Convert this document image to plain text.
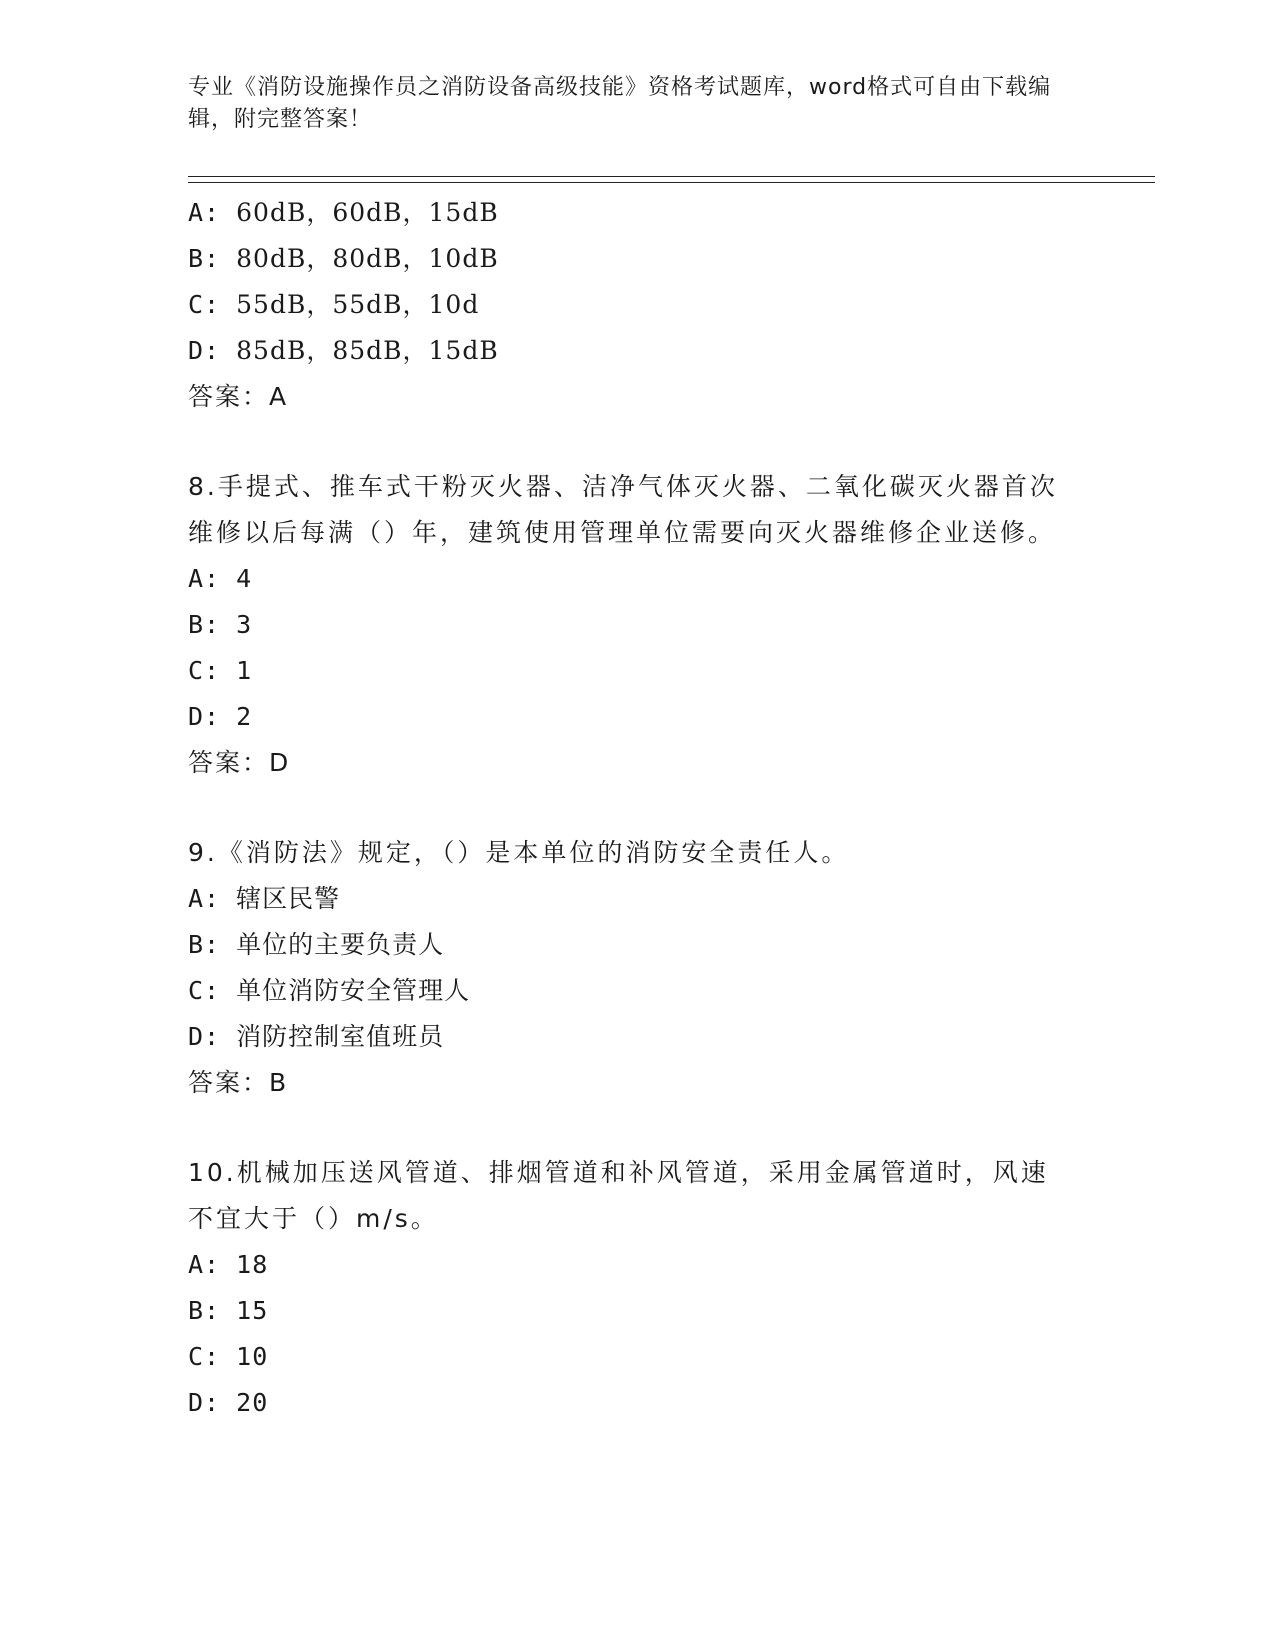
专业《消防设施操作员之消防设备高级技能》资格考试题库，word格式可自由下载编辑，附完整答案！
A: 60dB，60dB，15dB
B: 80dB，80dB，10dB
C: 55dB，55dB，10d
D: 85dB，85dB，15dB
答案：A
8.手提式、推车式干粉灭火器、洁净气体灭火器、二氧化碳灭火器首次维修以后每满（）年，建筑使用管理单位需要向灭火器维修企业送修。
A: 4
B: 3
C: 1
D: 2
答案：D
9.《消防法》规定，（）是本单位的消防安全责任人。
A: 辖区民警
B: 单位的主要负责人
C: 单位消防安全管理人
D: 消防控制室值班员
答案：B
10.机械加压送风管道、排烟管道和补风管道，采用金属管道时，风速不宜大于（）m/s。
A: 18
B: 15
C: 10
D: 20
